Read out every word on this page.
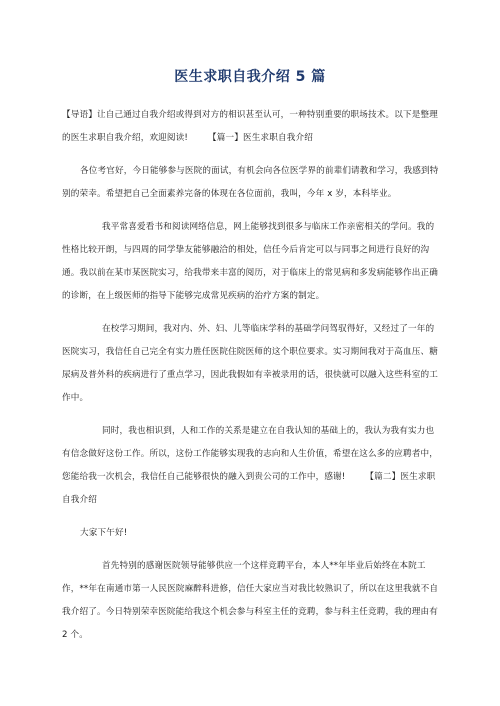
医生求职自我介绍 5 篇

【导语】让自己通过自我介绍或得到对方的相识甚至认可，一种特别重要的职场技术。以下是整理的医生求职自我介绍，欢迎阅读! 【篇一】医生求职自我介绍

各位考官好，今日能够参与医院的面试，有机会向各位医学界的前辈们请教和学习，我感到特别的荣幸。希望把自己全面素养完备的体现在各位面前，我叫，今年 x 岁，本科毕业。

我平常喜爱看书和阅读网络信息，网上能够找到很多与临床工作亲密相关的学问。我的性格比较开朗，与四周的同学挚友能够融洽的相处，信任今后肯定可以与同事之间进行良好的沟通。我以前在某市某医院实习，给我带来丰富的阅历，对于临床上的常见病和多发病能够作出正确的诊断，在上级医师的指导下能够完成常见疾病的治疗方案的制定。

在校学习期间，我对内、外、妇、儿等临床学科的基础学问驾驭得好，又经过了一年的医院实习，我信任自己完全有实力胜任医院住院医师的这个职位要求。实习期间我对于高血压、糖尿病及普外科的疾病进行了重点学习，因此我假如有幸被录用的话，很快就可以融入这些科室的工作中。

同时，我也相识到，人和工作的关系是建立在自我认知的基础上的，我认为我有实力也有信念做好这份工作。所以，这份工作能够实现我的志向和人生价值，希望在这么多的应聘者中，您能给我一次机会，我信任自己能够很快的融入到贵公司的工作中，感谢! 【篇二】医生求职自我介绍

大家下午好!

首先特别的感谢医院领导能够供应一个这样竞聘平台，本人**年毕业后始终在本院工作，**年在南通市第一人民医院麻醉科进修，信任大家应当对我比较熟识了，所以在这里我就不自我介绍了。今日特别荣幸医院能给我这个机会参与科室主任的竞聘，参与科主任竞聘，我的理由有 2 个。
